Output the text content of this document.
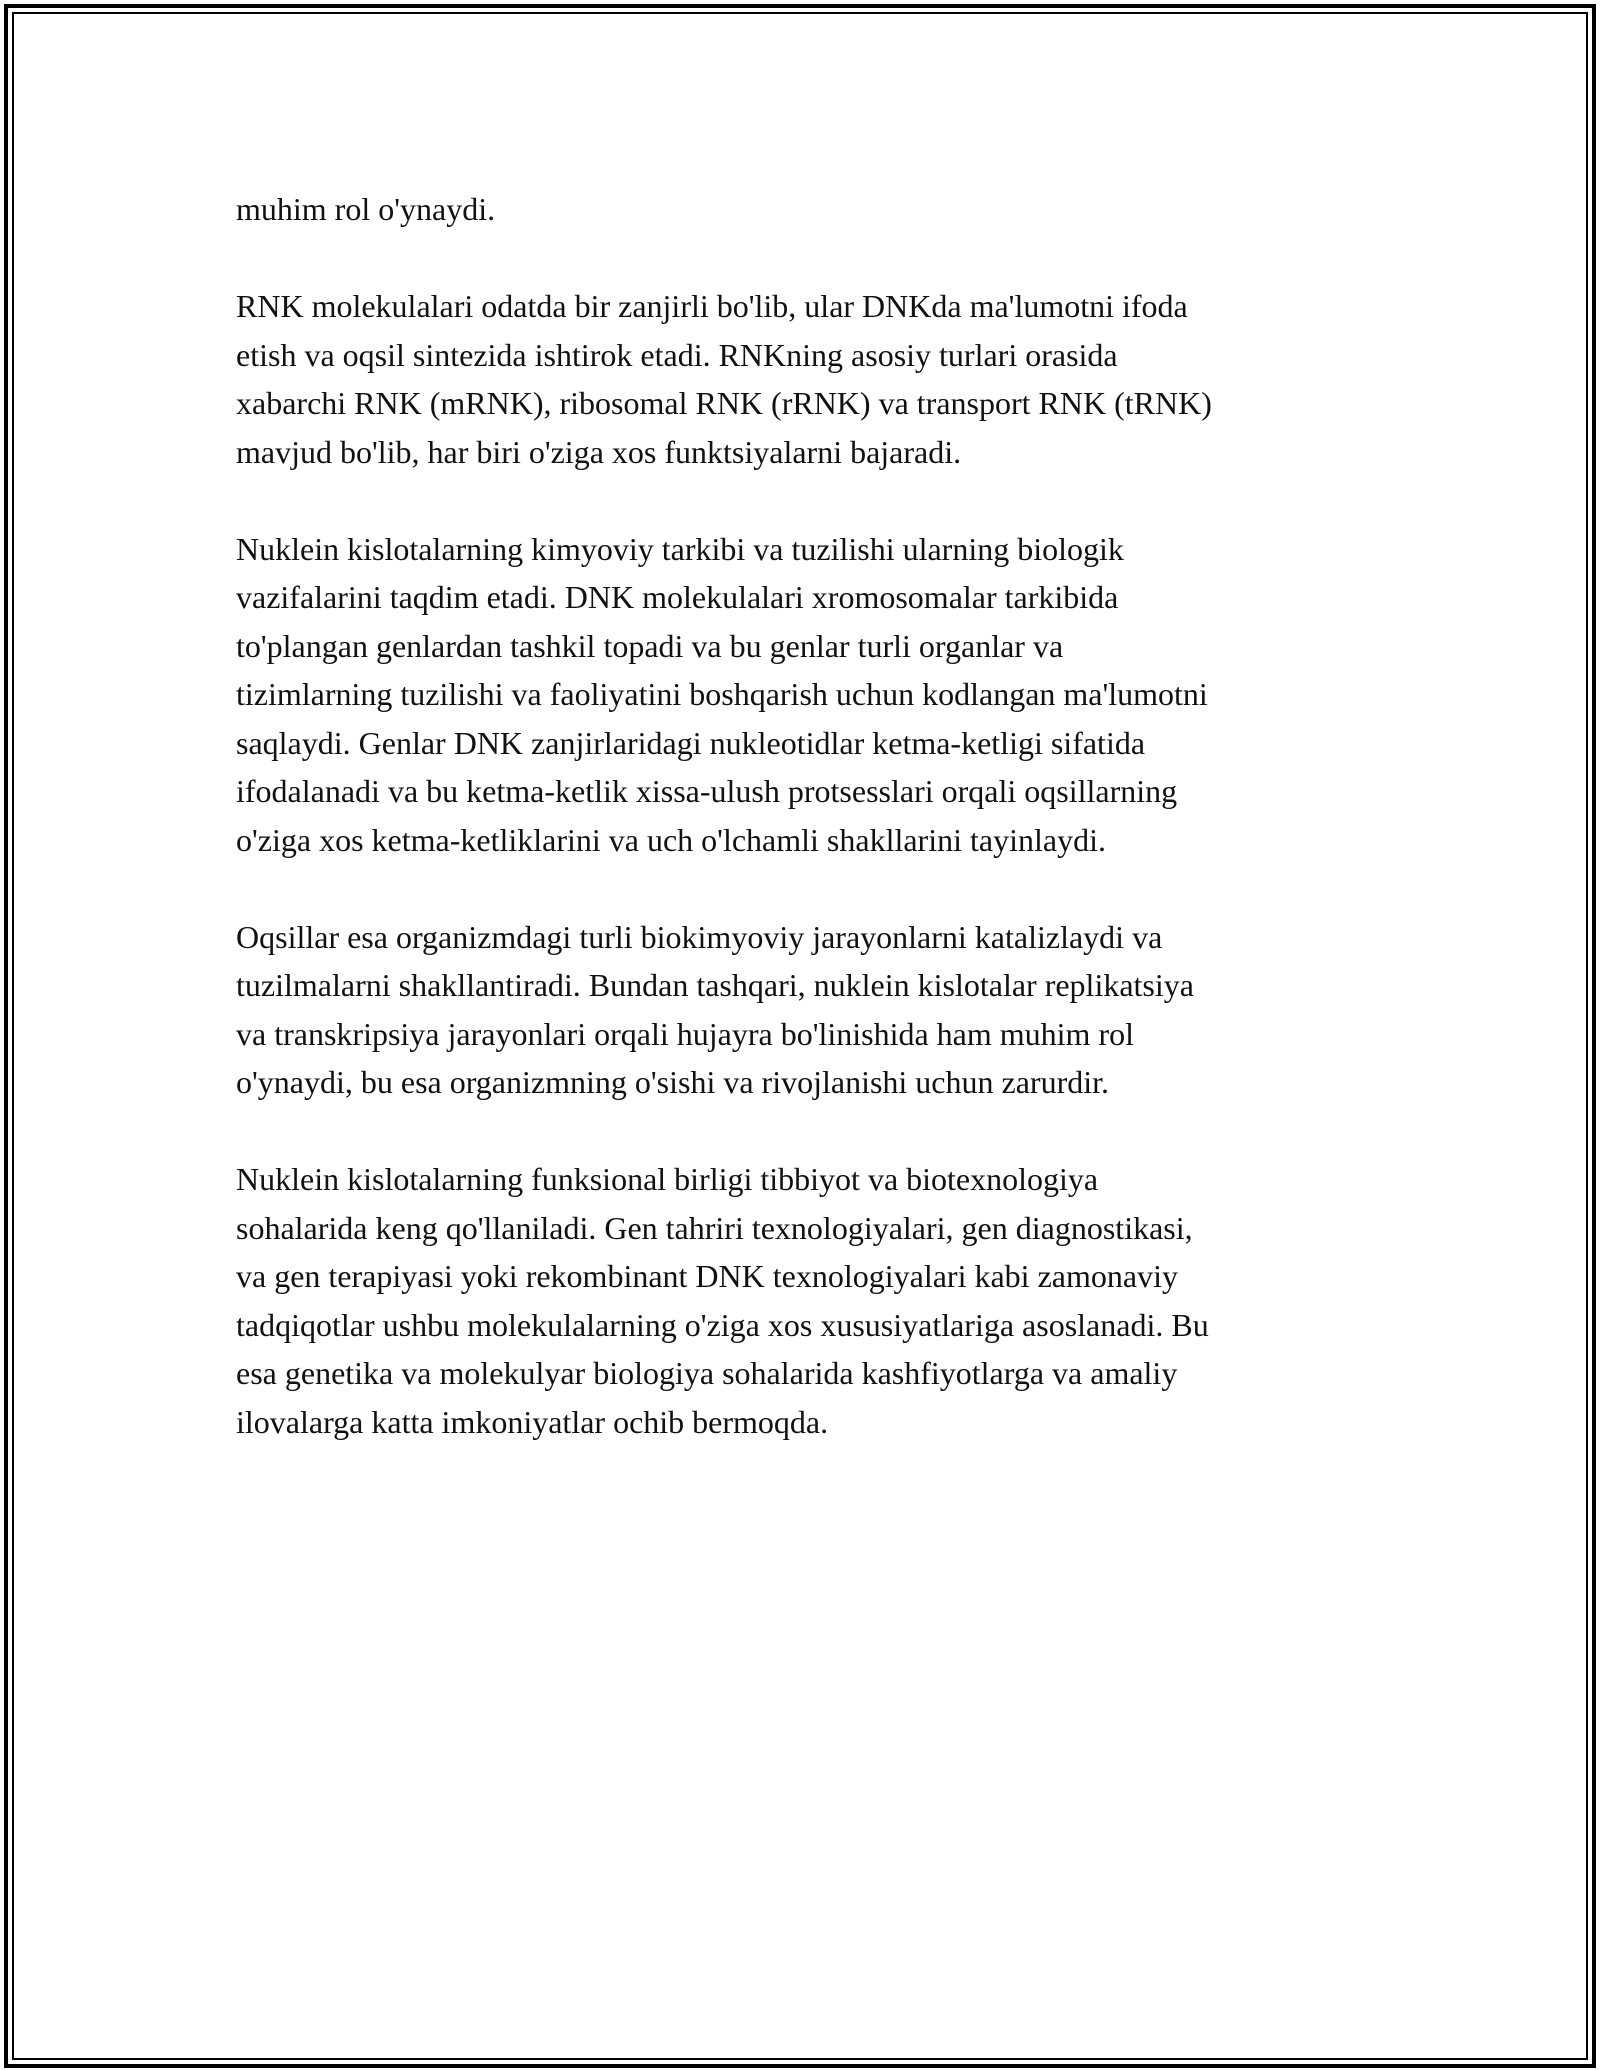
muhim rol o'ynaydi.

RNK molekulalari odatda bir zanjirli bo'lib, ular DNKda ma'lumotni ifoda
etish va oqsil sintezida ishtirok etadi. RNKning asosiy turlari orasida
xabarchi RNK (mRNK), ribosomal RNK (rRNK) va transport RNK (tRNK)
mavjud bo'lib, har biri o'ziga xos funktsiyalarni bajaradi.

Nuklein kislotalarning kimyoviy tarkibi va tuzilishi ularning biologik
vazifalarini taqdim etadi. DNK molekulalari xromosomalar tarkibida
to'plangan genlardan tashkil topadi va bu genlar turli organlar va
tizimlarning tuzilishi va faoliyatini boshqarish uchun kodlangan ma'lumotni
saqlaydi. Genlar DNK zanjirlaridagi nukleotidlar ketma-ketligi sifatida
ifodalanadi va bu ketma-ketlik xissa-ulush protsesslari orqali oqsillarning
o'ziga xos ketma-ketliklarini va uch o'lchamli shakllarini tayinlaydi.

Oqsillar esa organizmdagi turli biokimyoviy jarayonlarni katalizlaydi va
tuzilmalarni shakllantiradi. Bundan tashqari, nuklein kislotalar replikatsiya
va transkripsiya jarayonlari orqali hujayra bo'linishida ham muhim rol
o'ynaydi, bu esa organizmning o'sishi va rivojlanishi uchun zarurdir.

Nuklein kislotalarning funksional birligi tibbiyot va biotexnologiya
sohalarida keng qo'llaniladi. Gen tahriri texnologiyalari, gen diagnostikasi,
va gen terapiyasi yoki rekombinant DNK texnologiyalari kabi zamonaviy
tadqiqotlar ushbu molekulalarning o'ziga xos xususiyatlariga asoslanadi. Bu
esa genetika va molekulyar biologiya sohalarida kashfiyotlarga va amaliy
ilovalarga katta imkoniyatlar ochib bermoqda.
